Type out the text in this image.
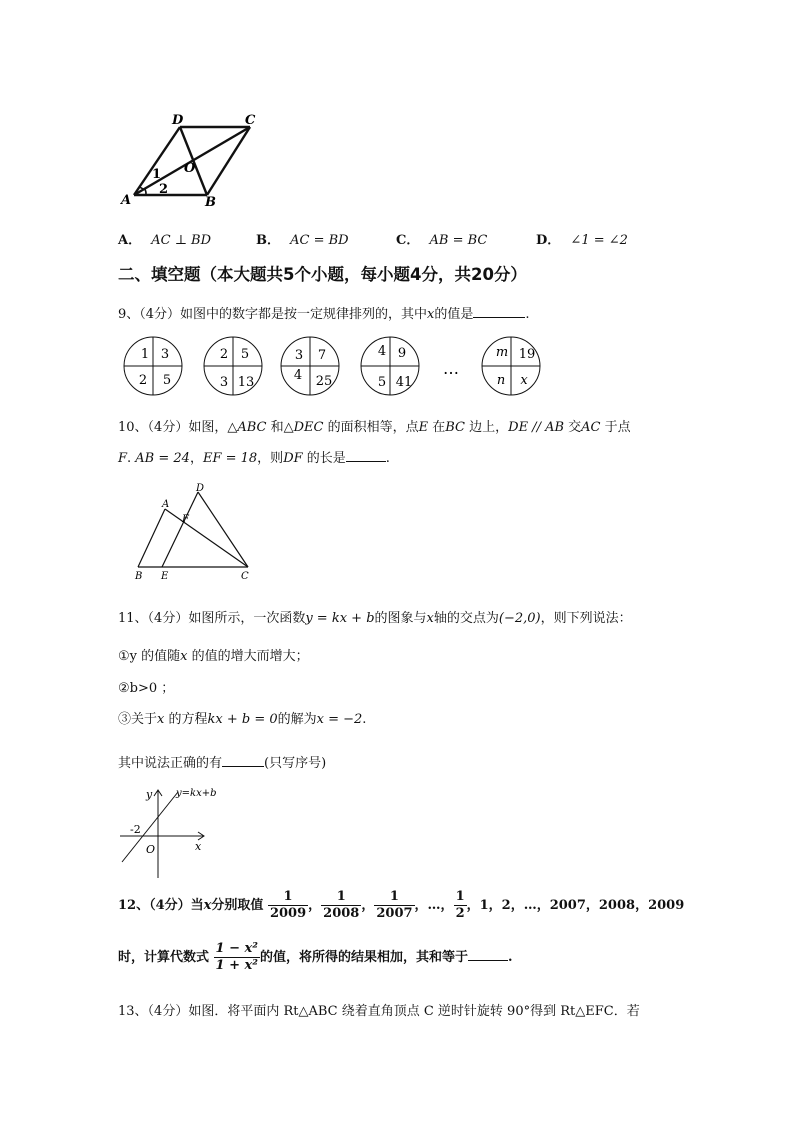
D	C
O
A	B
1
2
A． AC ⊥ BD	B． AC = BD	C． AB = BC	D． ∠1 = ∠2
二、填空题（本大题共5个小题，每小题4分，共20分）
9、（4分）如图中的数字都是按一定规律排列的，其中x的值是	.
1 3
2 5
2 5
3 13
3 7
4 25
4 9
5 41
m 19
n x
…
10、（4分）如图，△ABC 和△DEC 的面积相等，点E 在BC 边上，DE // AB 交AC 于点
F. AB = 24，EF = 18，则DF 的长是	.
A
D
F
B E	C
11、（4分）如图所示，一次函数y = kx + b的图象与x轴的交点为(−2,0)，则下列说法：
①y 的值随x 的值的增大而增大；
②b>0 ；
③关于x 的方程kx + b = 0的解为x = −2.
其中说法正确的有	(只写序号)
y y=kx+b
-2
O	x
12、（4分）当x分别取值 $\frac{1}{2009}$ ， $\frac{1}{2008}$ ， $\frac{1}{2007}$ ，…， $\frac{1}{2}$ ，1，2，…，2007，2008，2009
时，计算代数式 $\frac{\text{1 − x²}}{\text{1 + x²}}$ 的值，将所得的结果相加，其和等于	.
13、（4分）如图．将平面内 Rt△ABC 绕着直角顶点 C 逆时针旋转 90°得到 Rt△EFC．若
